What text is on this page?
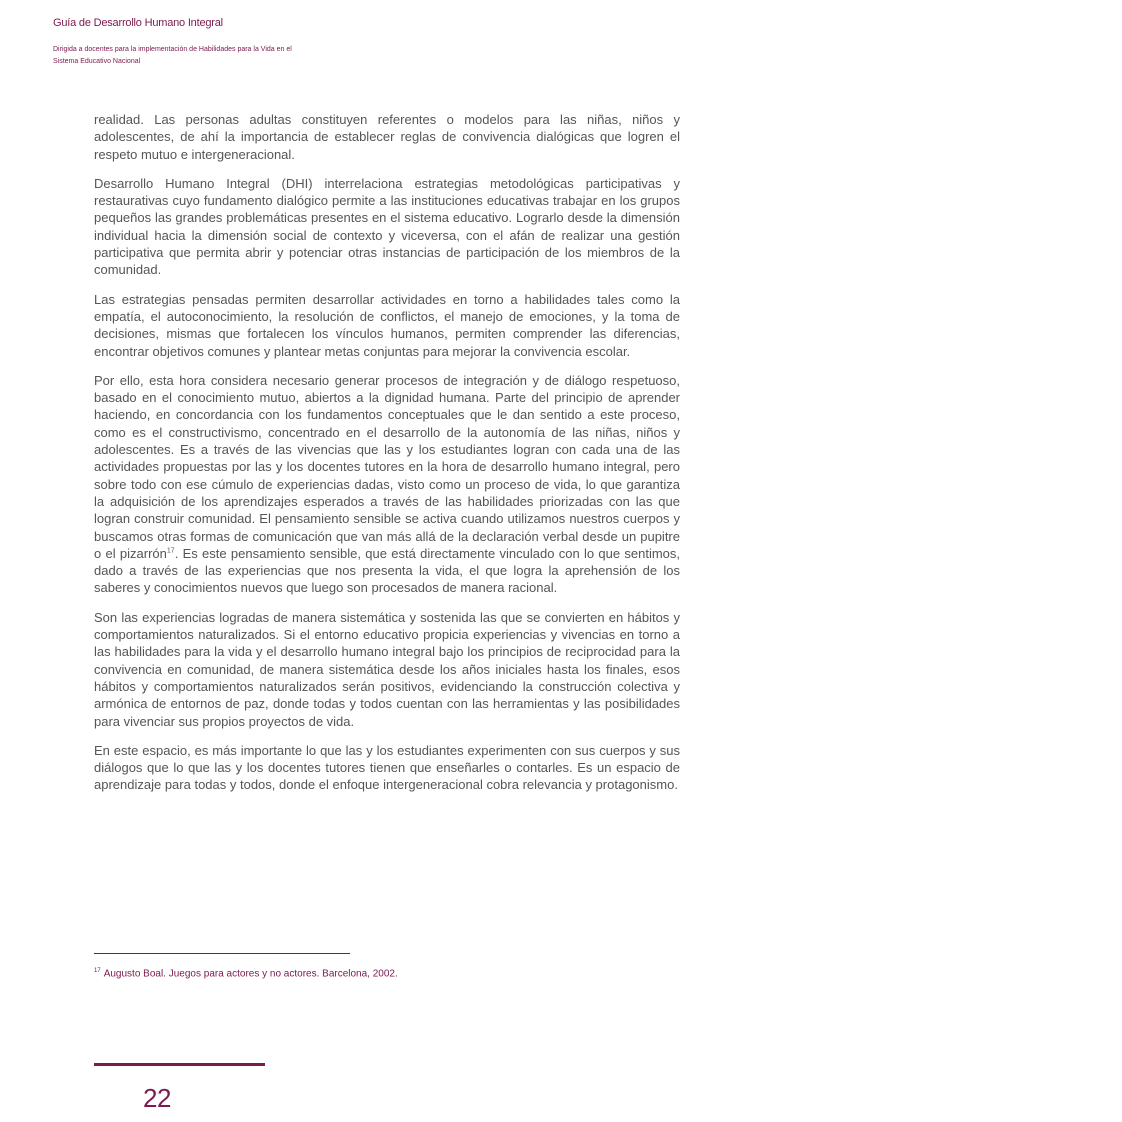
Guía de Desarrollo Humano Integral
Dirigida a docentes para la implementación de Habilidades para la Vida en el Sistema Educativo Nacional

realidad. Las personas adultas constituyen referentes o modelos para las niñas, niños y adolescentes, de ahí la importancia de establecer reglas de convivencia dialógicas que logren el respeto mutuo e intergeneracional.

Desarrollo Humano Integral (DHI) interrelaciona estrategias metodológicas participativas y restaurativas cuyo fundamento dialógico permite a las instituciones educativas trabajar en los grupos pequeños las grandes problemáticas presentes en el sistema educativo. Lograrlo desde la dimensión individual hacia la dimensión social de contexto y viceversa, con el afán de realizar una gestión participativa que permita abrir y potenciar otras instancias de participación de los miembros de la comunidad.

Las estrategias pensadas permiten desarrollar actividades en torno a habilidades tales como la empatía, el autoconocimiento, la resolución de conflictos, el manejo de emociones, y la toma de decisiones, mismas que fortalecen los vínculos humanos, permiten comprender las diferencias, encontrar objetivos comunes y plantear metas conjuntas para mejorar la convivencia escolar.

Por ello, esta hora considera necesario generar procesos de integración y de diálogo respetuoso, basado en el conocimiento mutuo, abiertos a la dignidad humana. Parte del principio de aprender haciendo, en concordancia con los fundamentos conceptuales que le dan sentido a este proceso, como es el constructivismo, concentrado en el desarrollo de la autonomía de las niñas, niños y adolescentes. Es a través de las vivencias que las y los estudiantes logran con cada una de las actividades propuestas por las y los docentes tutores en la hora de desarrollo humano integral, pero sobre todo con ese cúmulo de experiencias dadas, visto como un proceso de vida, lo que garantiza la adquisición de los aprendizajes esperados a través de las habilidades priorizadas con las que logran construir comunidad. El pensamiento sensible se activa cuando utilizamos nuestros cuerpos y buscamos otras formas de comunicación que van más allá de la declaración verbal desde un pupitre o el pizarrón$^{17}$. Es este pensamiento sensible, que está directamente vinculado con lo que sentimos, dado a través de las experiencias que nos presenta la vida, el que logra la aprehensión de los saberes y conocimientos nuevos que luego son procesados de manera racional.

Son las experiencias logradas de manera sistemática y sostenida las que se convierten en hábitos y comportamientos naturalizados. Si el entorno educativo propicia experiencias y vivencias en torno a las habilidades para la vida y el desarrollo humano integral bajo los principios de reciprocidad para la convivencia en comunidad, de manera sistemática desde los años iniciales hasta los finales, esos hábitos y comportamientos naturalizados serán positivos, evidenciando la construcción colectiva y armónica de entornos de paz, donde todas y todos cuentan con las herramientas y las posibilidades para vivenciar sus propios proyectos de vida.

En este espacio, es más importante lo que las y los estudiantes experimenten con sus cuerpos y sus diálogos que lo que las y los docentes tutores tienen que enseñarles o contarles. Es un espacio de aprendizaje para todas y todos, donde el enfoque intergeneracional cobra relevancia y protagonismo.

$^{17}$ Augusto Boal. Juegos para actores y no actores. Barcelona, 2002.
22
